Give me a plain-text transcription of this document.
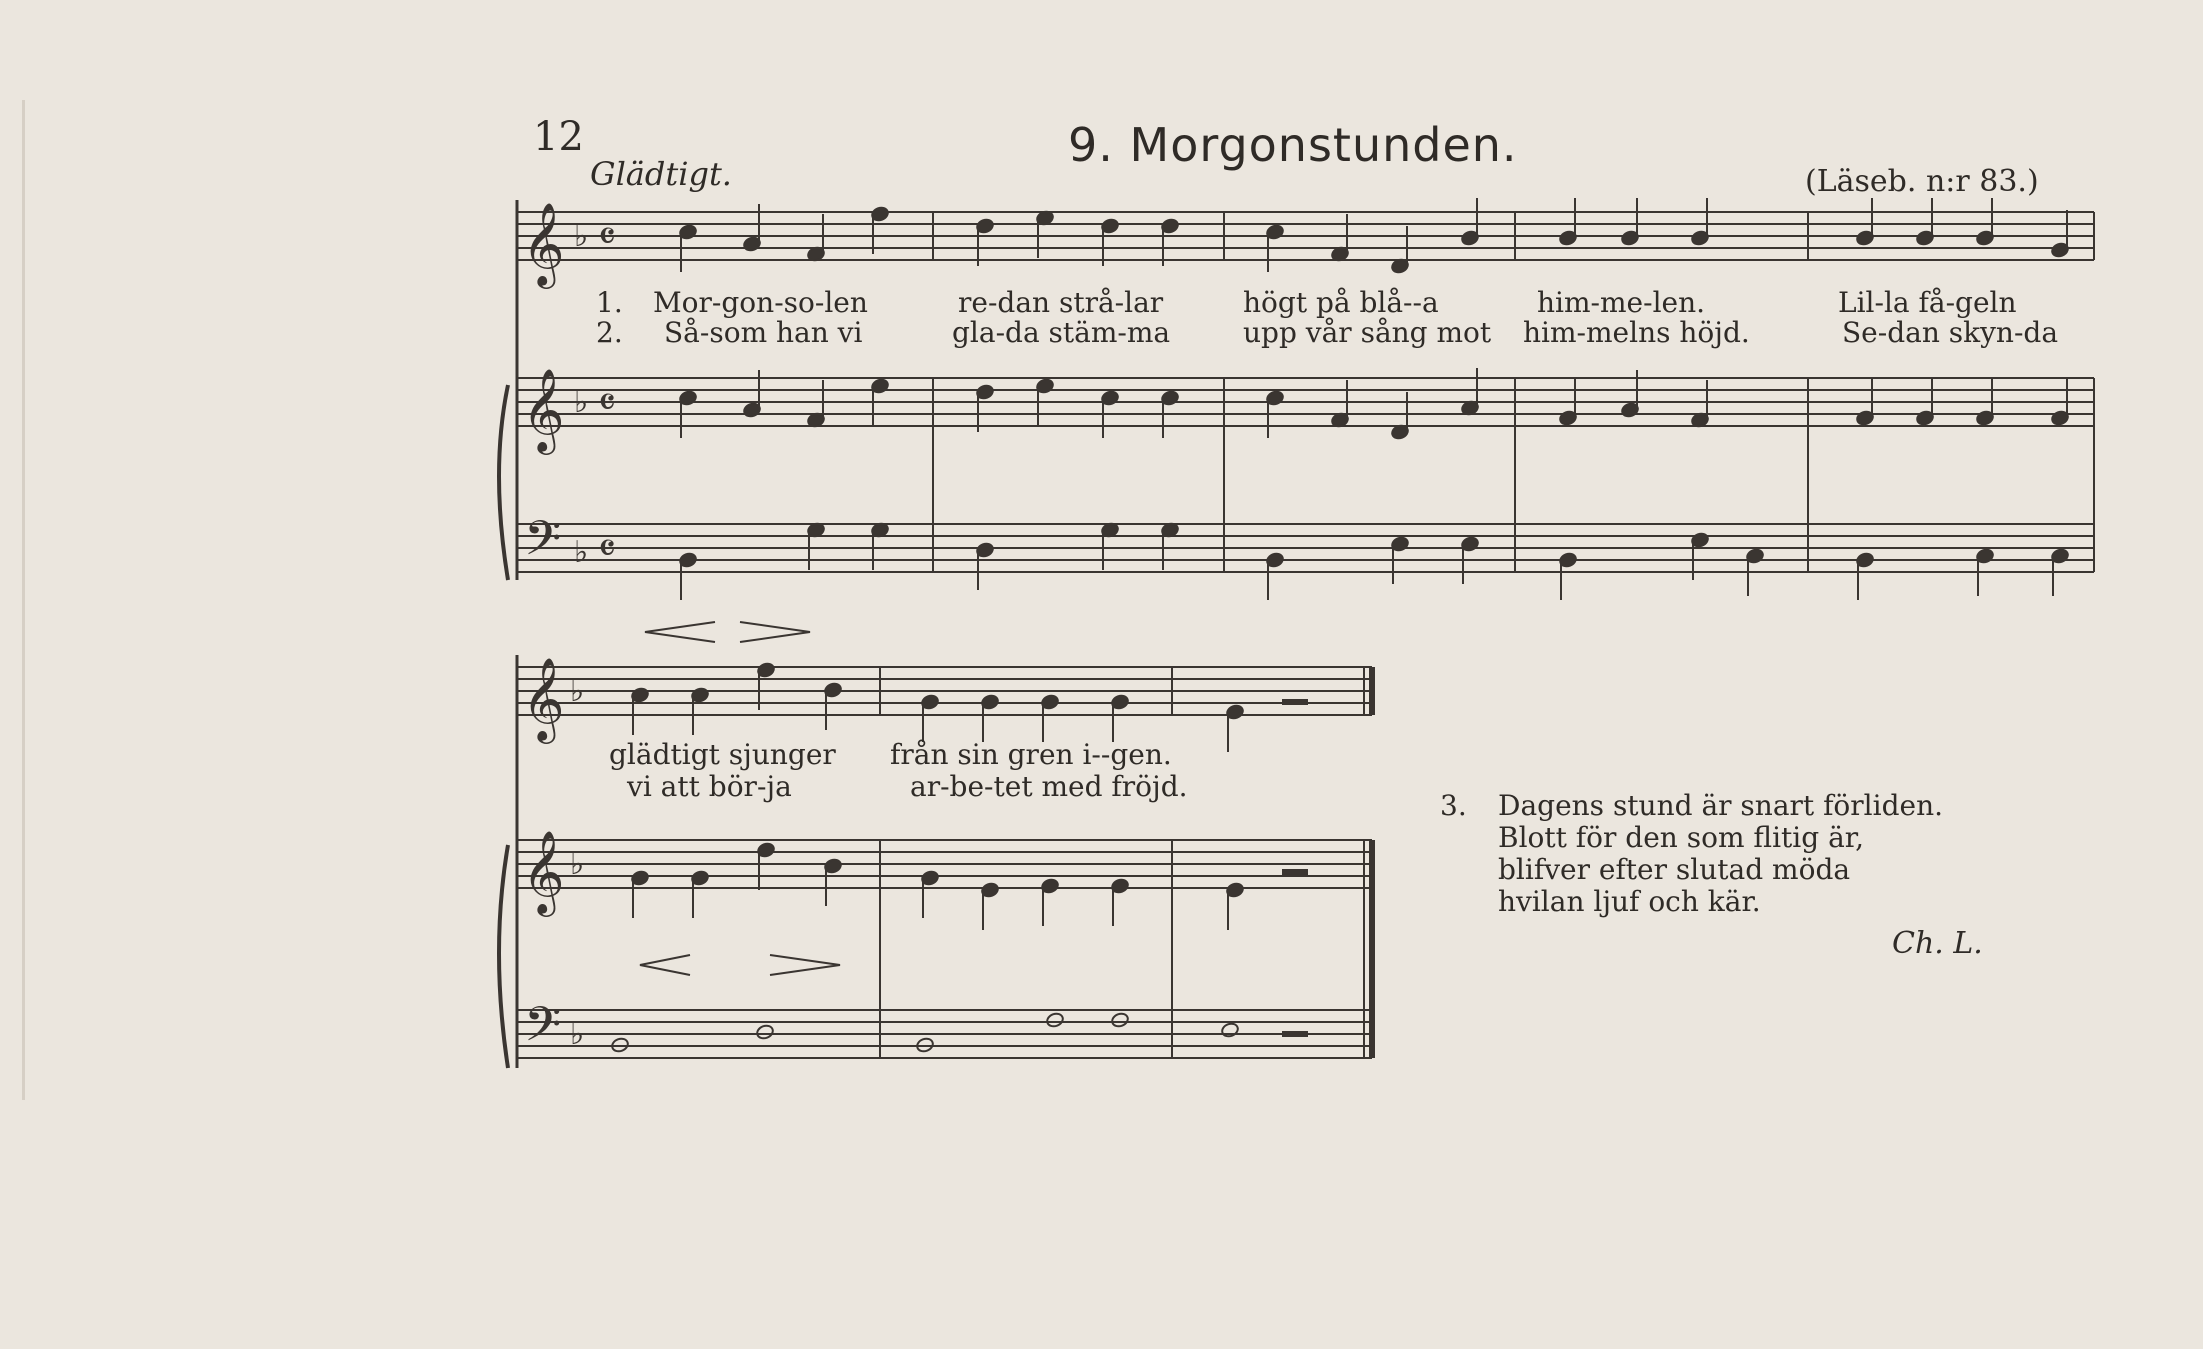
12	9. Morgonstunden.
Glädtigt.	(Läseb. n:r 83.)
𝄞 ♭ 𝄴
𝄞 ♭ 𝄴
𝄢 ♭ 𝄴
𝄞 ♭
𝄞 ♭
𝄢 ♭
1.
2.
Mor-gon-so-len	re-dan strå-lar	högt på blå--a	him-me-len.	Lil-la få-geln
Så-som han vi	gla-da stäm-ma	upp vår sång mot him-melns höjd.	Se-dan skyn-da
glädtigt sjunger från sin gren i--gen.
vi att bör-ja	ar-be-tet med fröjd.
3. Dagens stund är snart förliden.
Blott för den som flitig är,
blifver efter slutad möda
hvilan ljuf och kär.
Ch. L.
